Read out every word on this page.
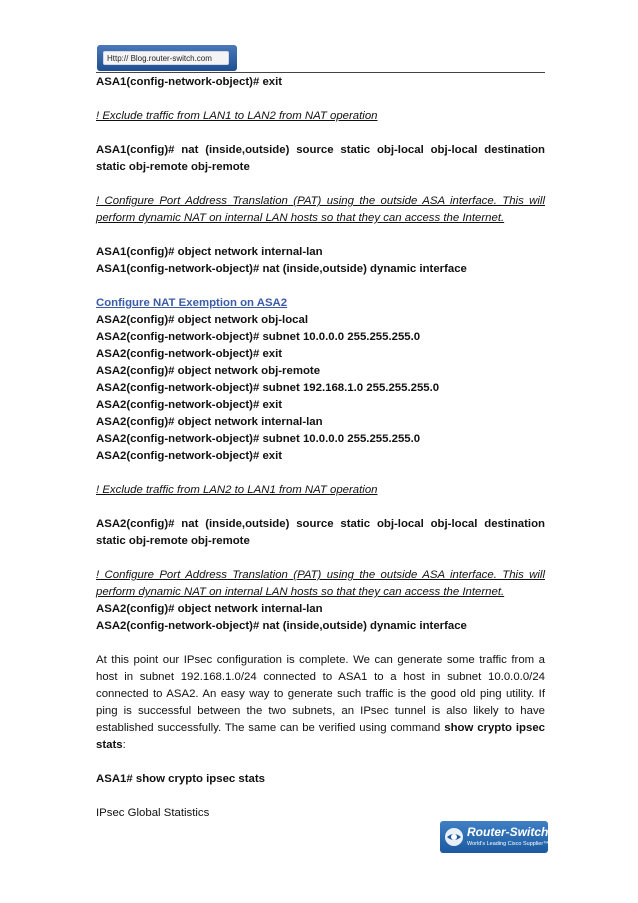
Http:// Blog.router-switch.com

ASA1(config-network-object)# exit

! Exclude traffic from LAN1 to LAN2 from NAT operation

ASA1(config)# nat (inside,outside) source static obj-local obj-local destination static obj-remote obj-remote

! Configure Port Address Translation (PAT) using the outside ASA interface. This will perform dynamic NAT on internal LAN hosts so that they can access the Internet.

ASA1(config)# object network internal-lan

ASA1(config-network-object)# nat (inside,outside) dynamic interface

Configure NAT Exemption on ASA2

ASA2(config)# object network obj-local

ASA2(config-network-object)# subnet 10.0.0.0 255.255.255.0

ASA2(config-network-object)# exit

ASA2(config)# object network obj-remote

ASA2(config-network-object)# subnet 192.168.1.0 255.255.255.0

ASA2(config-network-object)# exit

ASA2(config)# object network internal-lan

ASA2(config-network-object)# subnet 10.0.0.0 255.255.255.0

ASA2(config-network-object)# exit

! Exclude traffic from LAN2 to LAN1 from NAT operation

ASA2(config)# nat (inside,outside) source static obj-local obj-local destination static obj-remote obj-remote

! Configure Port Address Translation (PAT) using the outside ASA interface. This will perform dynamic NAT on internal LAN hosts so that they can access the Internet.

ASA2(config)# object network internal-lan

ASA2(config-network-object)# nat (inside,outside) dynamic interface

At this point our IPsec configuration is complete. We can generate some traffic from a host in subnet 192.168.1.0/24 connected to ASA1 to a host in subnet 10.0.0.0/24 connected to ASA2. An easy way to generate such traffic is the good old ping utility. If ping is successful between the two subnets, an IPsec tunnel is also likely to have established successfully. The same can be verified using command show crypto ipsec stats:

ASA1# show crypto ipsec stats

IPsec Global Statistics

Router-Switch.com
World's Leading Cisco Supplier™
